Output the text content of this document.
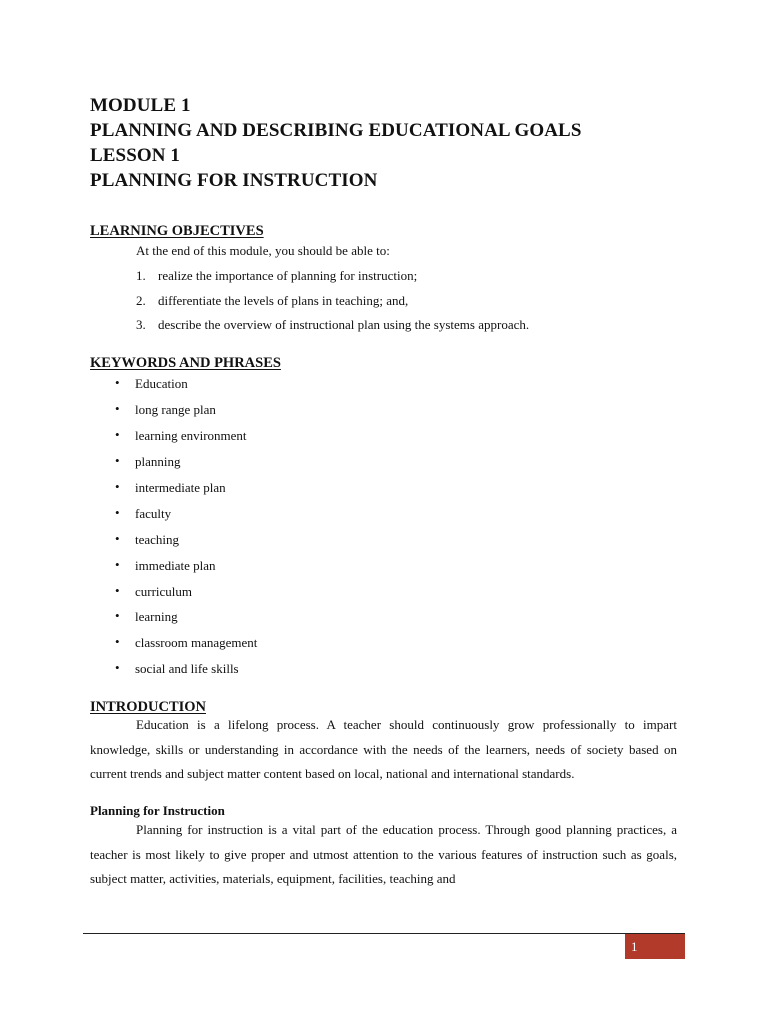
MODULE 1
PLANNING AND DESCRIBING EDUCATIONAL GOALS
LESSON 1
PLANNING FOR INSTRUCTION
LEARNING OBJECTIVES
At the end of this module, you should be able to:
1. realize the importance of planning for instruction;
2. differentiate the levels of plans in teaching; and,
3. describe the overview of instructional plan using the systems approach.
KEYWORDS AND PHRASES
• Education
• long range plan
• learning environment
• planning
• intermediate plan
• faculty
• teaching
• immediate plan
• curriculum
• learning
• classroom management
• social and life skills
INTRODUCTION

Education is a lifelong process. A teacher should continuously grow professionally to impart knowledge, skills or understanding in accordance with the needs of the learners, needs of society based on current trends and subject matter content based on local, national and international standards.

Planning for Instruction

Planning for instruction is a vital part of the education process. Through good planning practices, a teacher is most likely to give proper and utmost attention to the various features of instruction such as goals, subject matter, activities, materials, equipment, facilities, teaching and

1
